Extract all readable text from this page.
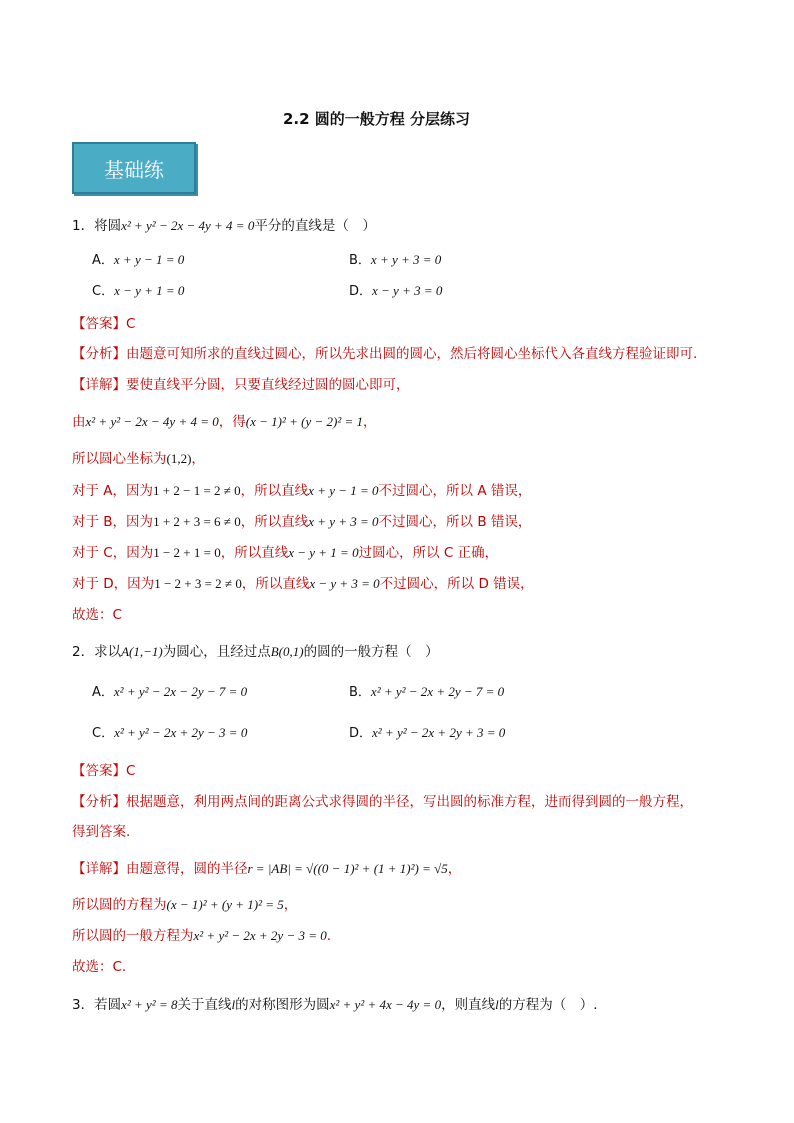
2.2 圆的一般方程 分层练习
基础练
1．将圆x² + y² − 2x − 4y + 4 = 0平分的直线是（　）
A．x + y − 1 = 0	B．x + y + 3 = 0
C．x − y + 1 = 0	D．x − y + 3 = 0
【答案】C
【分析】由题意可知所求的直线过圆心，所以先求出圆的圆心，然后将圆心坐标代入各直线方程验证即可.
【详解】要使直线平分圆，只要直线经过圆的圆心即可，
由x² + y² − 2x − 4y + 4 = 0，得(x − 1)² + (y − 2)² = 1，
所以圆心坐标为(1,2)，
对于 A，因为1 + 2 − 1 = 2 ≠ 0，所以直线x + y − 1 = 0不过圆心，所以 A 错误，
对于 B，因为1 + 2 + 3 = 6 ≠ 0，所以直线x + y + 3 = 0不过圆心，所以 B 错误，
对于 C，因为1 − 2 + 1 = 0，所以直线x − y + 1 = 0过圆心，所以 C 正确，
对于 D，因为1 − 2 + 3 = 2 ≠ 0，所以直线x − y + 3 = 0不过圆心，所以 D 错误，
故选：C
2．求以A(1,−1)为圆心，且经过点B(0,1)的圆的一般方程（　）
A．x² + y² − 2x − 2y − 7 = 0	B．x² + y² − 2x + 2y − 7 = 0
C．x² + y² − 2x + 2y − 3 = 0	D．x² + y² − 2x + 2y + 3 = 0
【答案】C
【分析】根据题意，利用两点间的距离公式求得圆的半径，写出圆的标准方程，进而得到圆的一般方程，
得到答案.
【详解】由题意得，圆的半径r = |AB| = √((0 − 1)² + (1 + 1)²) = √5，
所以圆的方程为(x − 1)² + (y + 1)² = 5，
所以圆的一般方程为x² + y² − 2x + 2y − 3 = 0.
故选：C.
3．若圆x² + y² = 8关于直线l的对称图形为圆x² + y² + 4x − 4y = 0，则直线l的方程为（　）.
